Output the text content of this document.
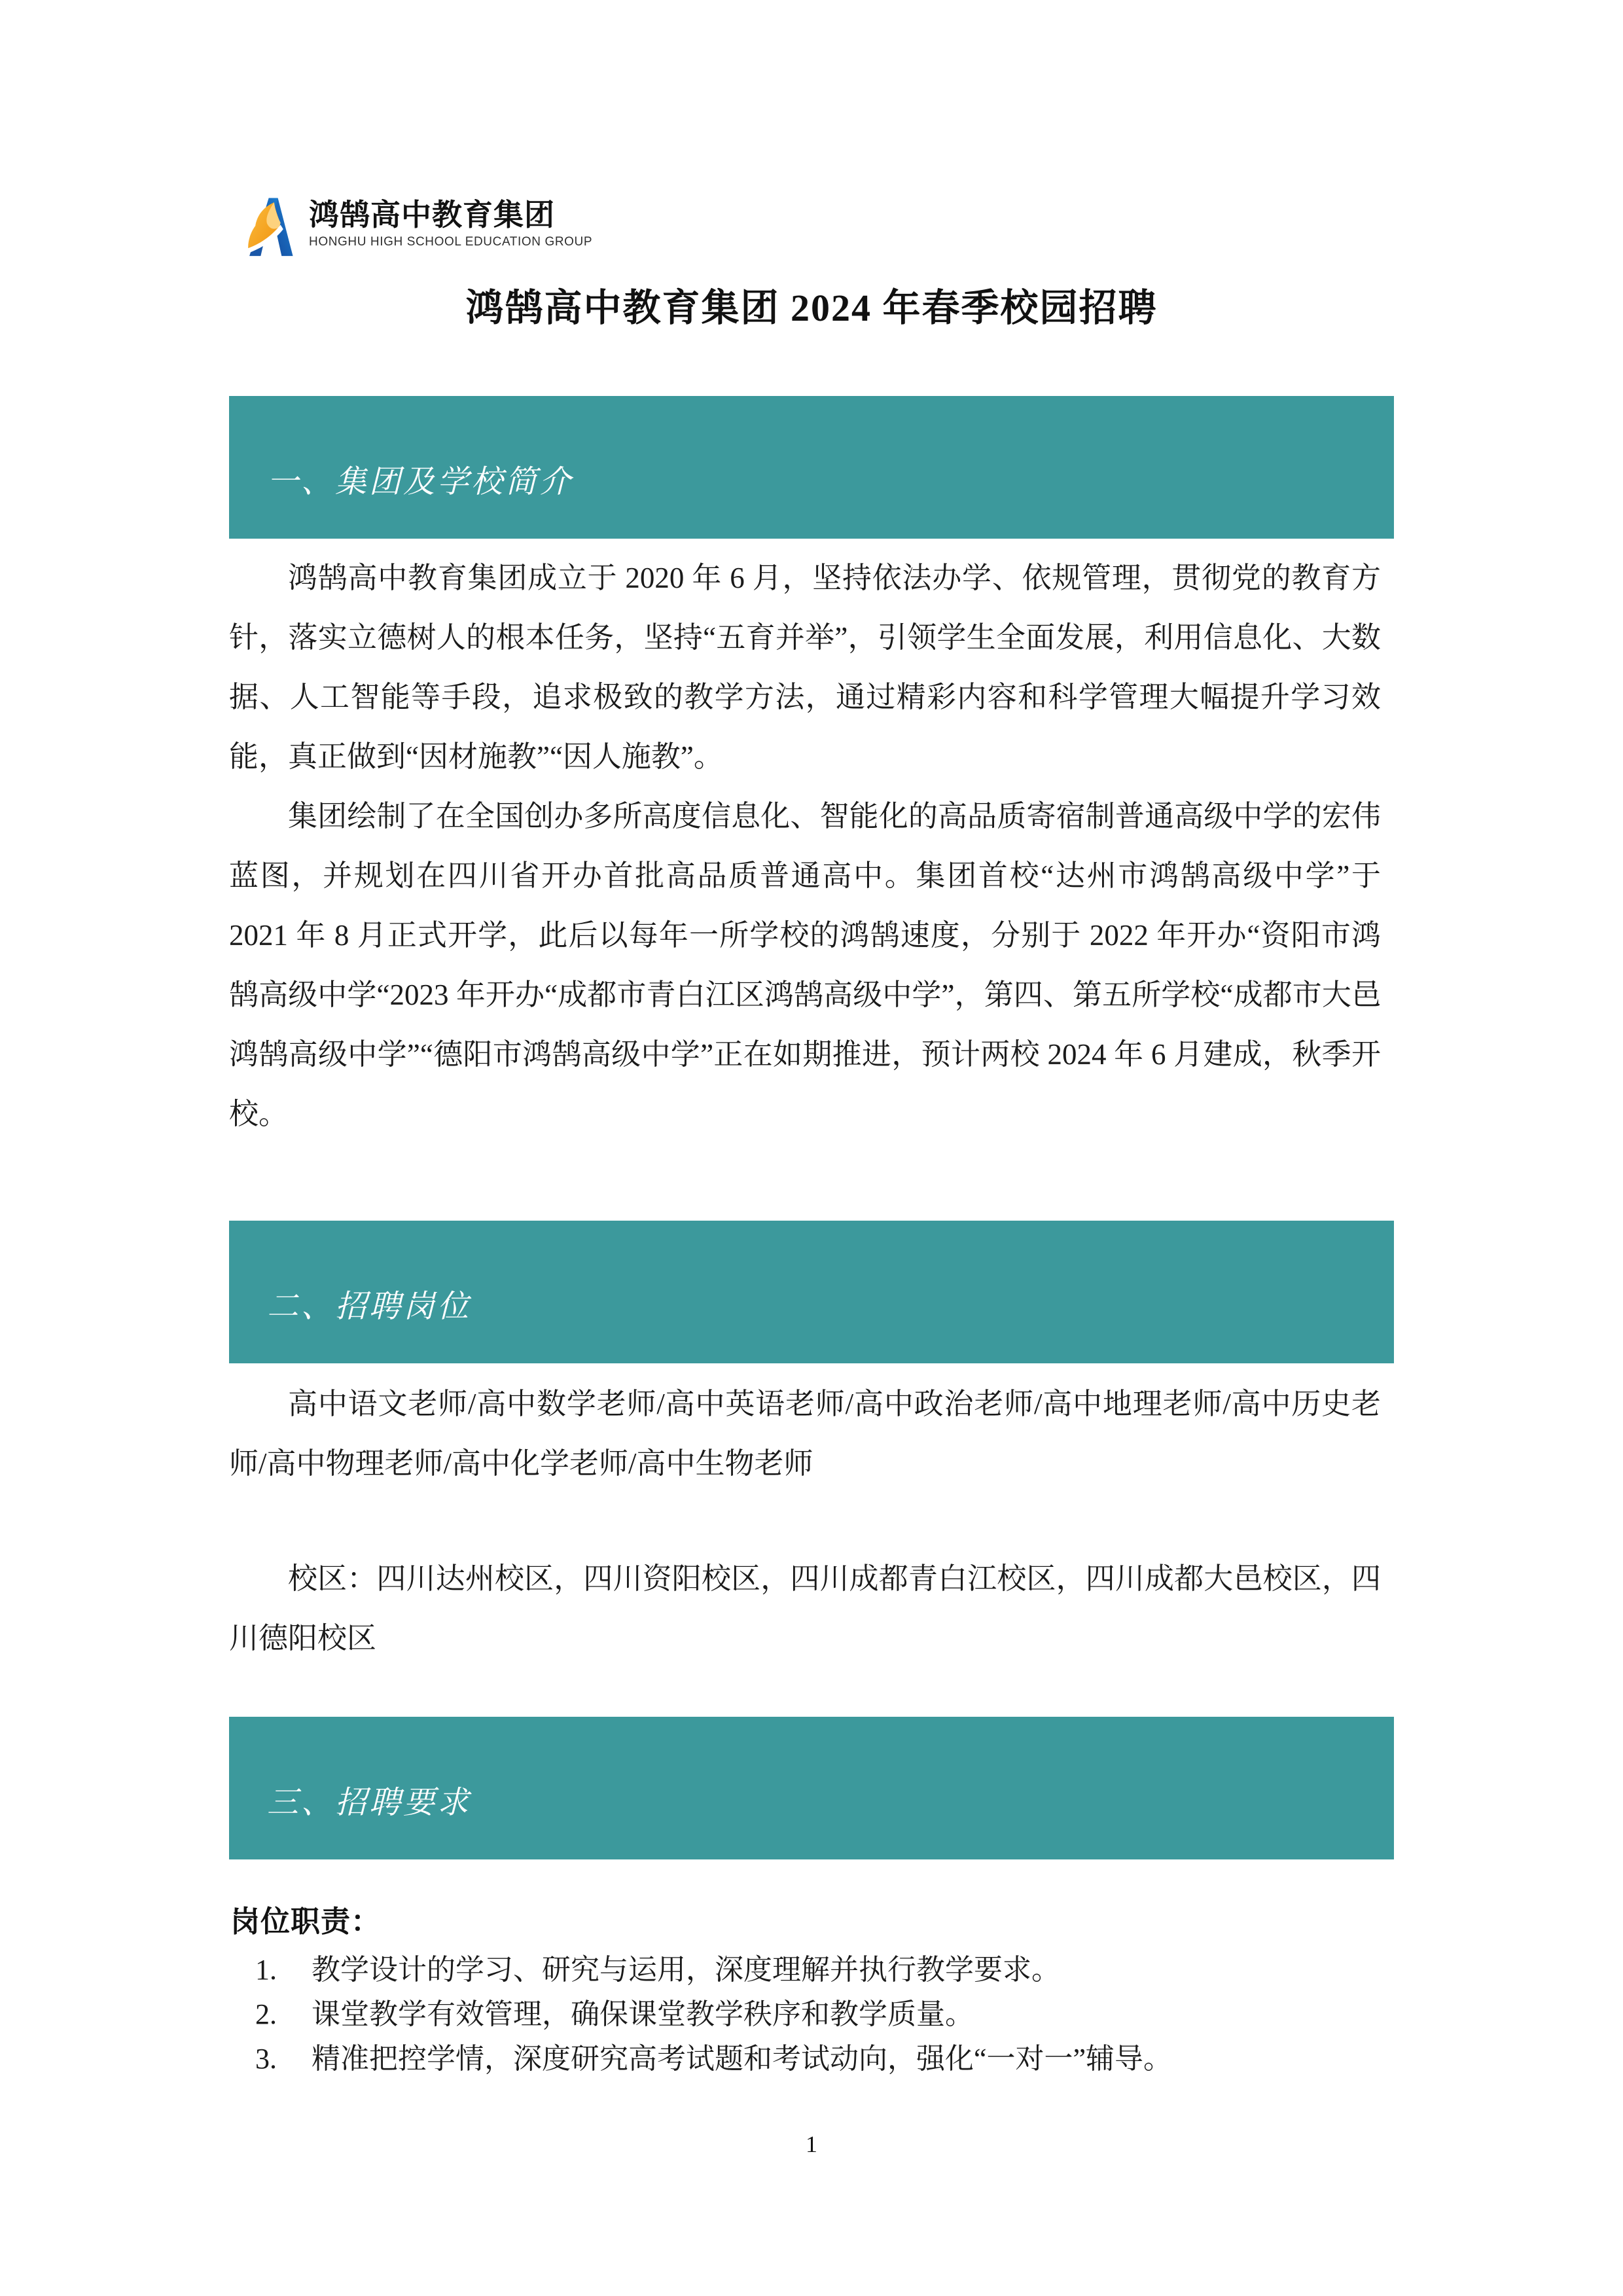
鸿鹄高中教育集团
HONGHU HIGH SCHOOL EDUCATION GROUP
鸿鹄高中教育集团 2024 年春季校园招聘
一、集团及学校简介

鸿鹄高中教育集团成立于 2020 年 6 月，坚持依法办学、依规管理，贯彻党的教育方针，落实立德树人的根本任务，坚持“五育并举”，引领学生全面发展，利用信息化、大数据、人工智能等手段，追求极致的教学方法，通过精彩内容和科学管理大幅提升学习效能，真正做到“因材施教”“因人施教”。

集团绘制了在全国创办多所高度信息化、智能化的高品质寄宿制普通高级中学的宏伟蓝图，并规划在四川省开办首批高品质普通高中。集团首校“达州市鸿鹄高级中学”于 2021 年 8 月正式开学，此后以每年一所学校的鸿鹄速度，分别于 2022 年开办“资阳市鸿鹄高级中学“2023 年开办“成都市青白江区鸿鹄高级中学”，第四、第五所学校“成都市大邑鸿鹄高级中学”“德阳市鸿鹄高级中学”正在如期推进，预计两校 2024 年 6 月建成，秋季开校。

二、招聘岗位

高中语文老师/高中数学老师/高中英语老师/高中政治老师/高中地理老师/高中历史老师/高中物理老师/高中化学老师/高中生物老师

校区：四川达州校区，四川资阳校区，四川成都青白江校区，四川成都大邑校区，四川德阳校区

三、招聘要求
岗位职责：
1. 教学设计的学习、研究与运用，深度理解并执行教学要求。
2. 课堂教学有效管理，确保课堂教学秩序和教学质量。
3. 精准把控学情，深度研究高考试题和考试动向，强化“一对一”辅导。
1
